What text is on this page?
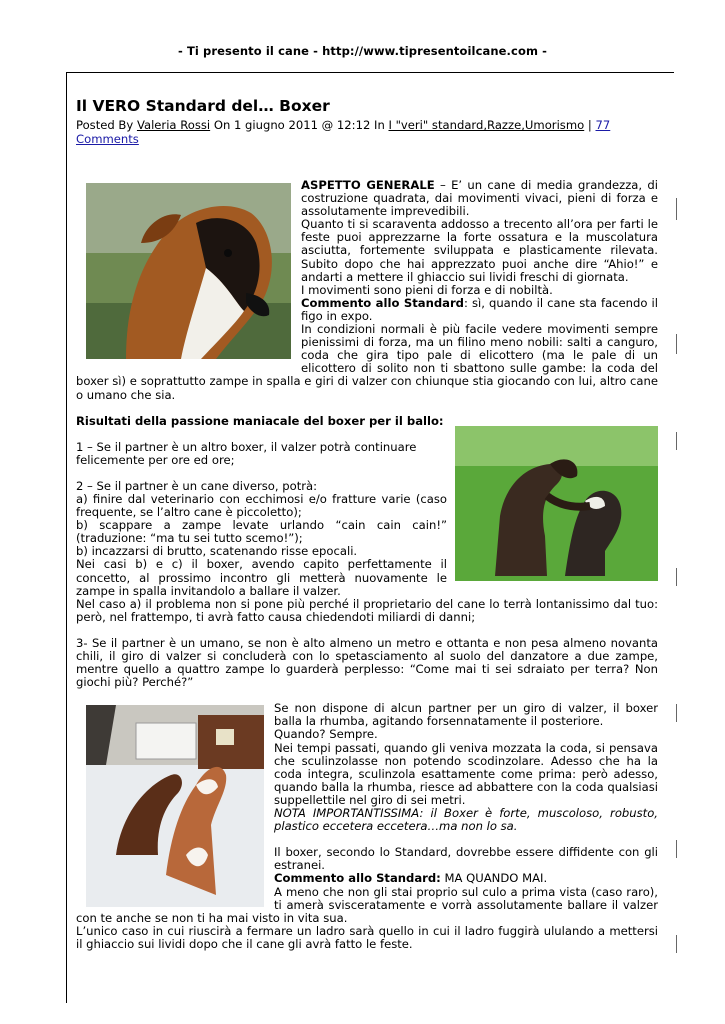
- Ti presento il cane - http://www.tipresentoilcane.com -
Il VERO Standard del… Boxer
Posted By Valeria Rossi On 1 giugno 2011 @ 12:12 In I "veri" standard,Razze,Umorismo | 77 Comments

ASPETTO GENERALE – E’ un cane di media grandezza, di costruzione quadrata, dai movimenti vivaci, pieni di forza e assolutamente imprevedibili.

Quanto ti si scaraventa addosso a trecento all’ora per farti le feste puoi apprezzarne la forte ossatura e la muscolatura asciutta, fortemente sviluppata e plasticamente rilevata. Subito dopo che hai apprezzato puoi anche dire “Ahio!” e andarti a mettere il ghiaccio sui lividi freschi di giornata.

I movimenti sono pieni di forza e di nobiltà.

Commento allo Standard: sì, quando il cane sta facendo il figo in expo.

In condizioni normali è più facile vedere movimenti sempre pienissimi di forza, ma un filino meno nobili: salti a canguro, coda che gira tipo pale di elicottero (ma le pale di un elicottero di solito non ti sbattono sulle gambe: la coda del boxer sì) e soprattutto zampe in spalla e giri di valzer con chiunque stia giocando con lui, altro cane o umano che sia.

Risultati della passione maniacale del boxer per il ballo:

1 – Se il partner è un altro boxer, il valzer potrà continuare felicemente per ore ed ore;

2 – Se il partner è un cane diverso, potrà:

a) finire dal veterinario con ecchimosi e/o fratture varie (caso frequente, se l’altro cane è piccoletto);

b) scappare a zampe levate urlando “cain cain cain!” (traduzione: “ma tu sei tutto scemo!”);

b) incazzarsi di brutto, scatenando risse epocali.

Nei casi b) e c) il boxer, avendo capito perfettamente il concetto, al prossimo incontro gli metterà nuovamente le zampe in spalla invitandolo a ballare il valzer.

Nel caso a) il problema non si pone più perché il proprietario del cane lo terrà lontanissimo dal tuo: però, nel frattempo, ti avrà fatto causa chiedendoti miliardi di danni;

3- Se il partner è un umano, se non è alto almeno un metro e ottanta e non pesa almeno novanta chili, il giro di valzer si concluderà con lo spetasciamento al suolo del danzatore a due zampe, mentre quello a quattro zampe lo guarderà perplesso: “Come mai ti sei sdraiato per terra? Non giochi più? Perché?”

Se non dispone di alcun partner per un giro di valzer, il boxer balla la rhumba, agitando forsennatamente il posteriore.

Quando? Sempre.

Nei tempi passati, quando gli veniva mozzata la coda, si pensava che sculinzolasse non potendo scodinzolare. Adesso che ha la coda integra, sculinzola esattamente come prima: però adesso, quando balla la rhumba, riesce ad abbattere con la coda qualsiasi suppellettile nel giro di sei metri.

NOTA IMPORTANTISSIMA: il Boxer è forte, muscoloso, robusto, plastico eccetera eccetera…ma non lo sa.

Il boxer, secondo lo Standard, dovrebbe essere diffidente con gli estranei.

Commento allo Standard: MA QUANDO MAI.

A meno che non gli stai proprio sul culo a prima vista (caso raro), ti amerà svisceratamente e vorrà assolutamente ballare il valzer con te anche se non ti ha mai visto in vita sua.

L’unico caso in cui riuscirà a fermare un ladro sarà quello in cui il ladro fuggirà ululando a mettersi il ghiaccio sui lividi dopo che il cane gli avrà fatto le feste.
